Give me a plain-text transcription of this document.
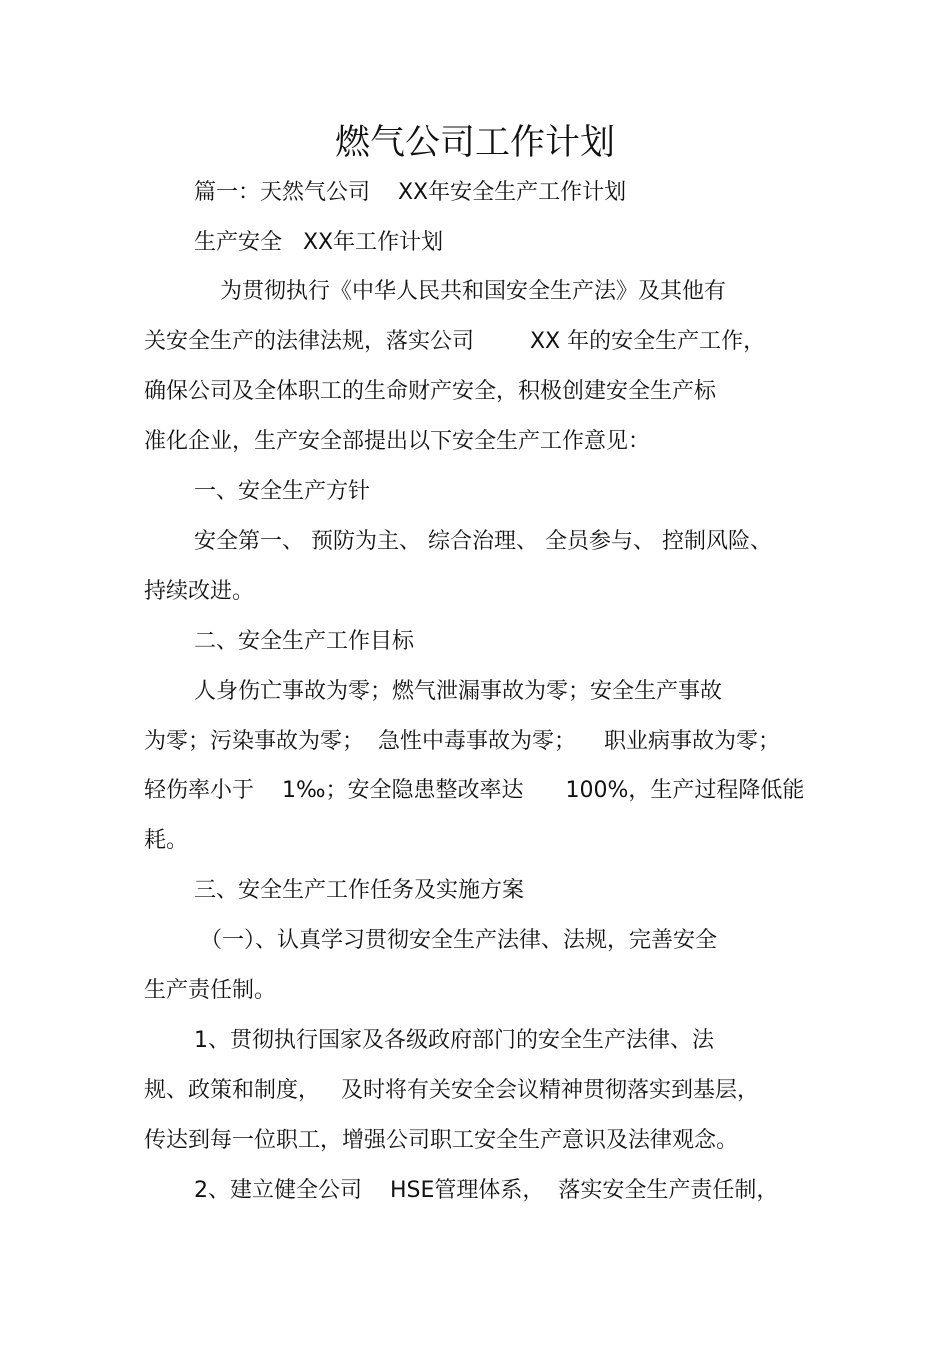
燃气公司工作计划
篇一：天然气公司    XX年安全生产工作计划
生产安全   XX年工作计划
为贯彻执行《中华人民共和国安全生产法》及其他有
关安全生产的法律法规，落实公司        XX 年的安全生产工作，
确保公司及全体职工的生命财产安全，积极创建安全生产标
准化企业，生产安全部提出以下安全生产工作意见：
一、安全生产方针
安全第一、 预防为主、 综合治理、 全员参与、 控制风险、
持续改进。
二、安全生产工作目标
人身伤亡事故为零；燃气泄漏事故为零；安全生产事故
为零；污染事故为零；  急性中毒事故为零；    职业病事故为零；
轻伤率小于    1‰；安全隐患整改率达      100%，生产过程降低能
耗。
三、安全生产工作任务及实施方案
（一）、认真学习贯彻安全生产法律、法规，完善安全
生产责任制。
1、贯彻执行国家及各级政府部门的安全生产法律、法
规、政策和制度，   及时将有关安全会议精神贯彻落实到基层，
传达到每一位职工，增强公司职工安全生产意识及法律观念。
2、建立健全公司    HSE管理体系，  落实安全生产责任制，
